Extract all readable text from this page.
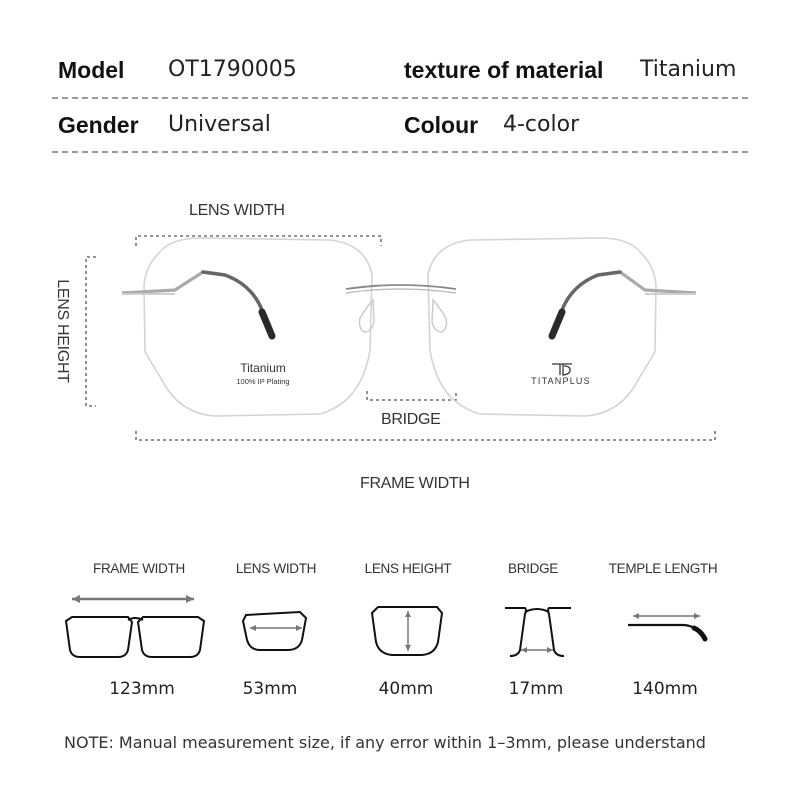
Model OT1790005	texture of material Titanium
Gender Universal	Colour 4-color
LENS WIDTH
LENS HEIGHT
BRIDGE
FRAME WIDTH
Titanium
100% IP Plating	TITANPLUS
FRAME WIDTH	LENS WIDTH	LENS HEIGHT	BRIDGE	TEMPLE LENGTH
123mm	53mm	40mm	17mm	140mm
NOTE: Manual measurement size, if any error within 1–3mm, please understand
